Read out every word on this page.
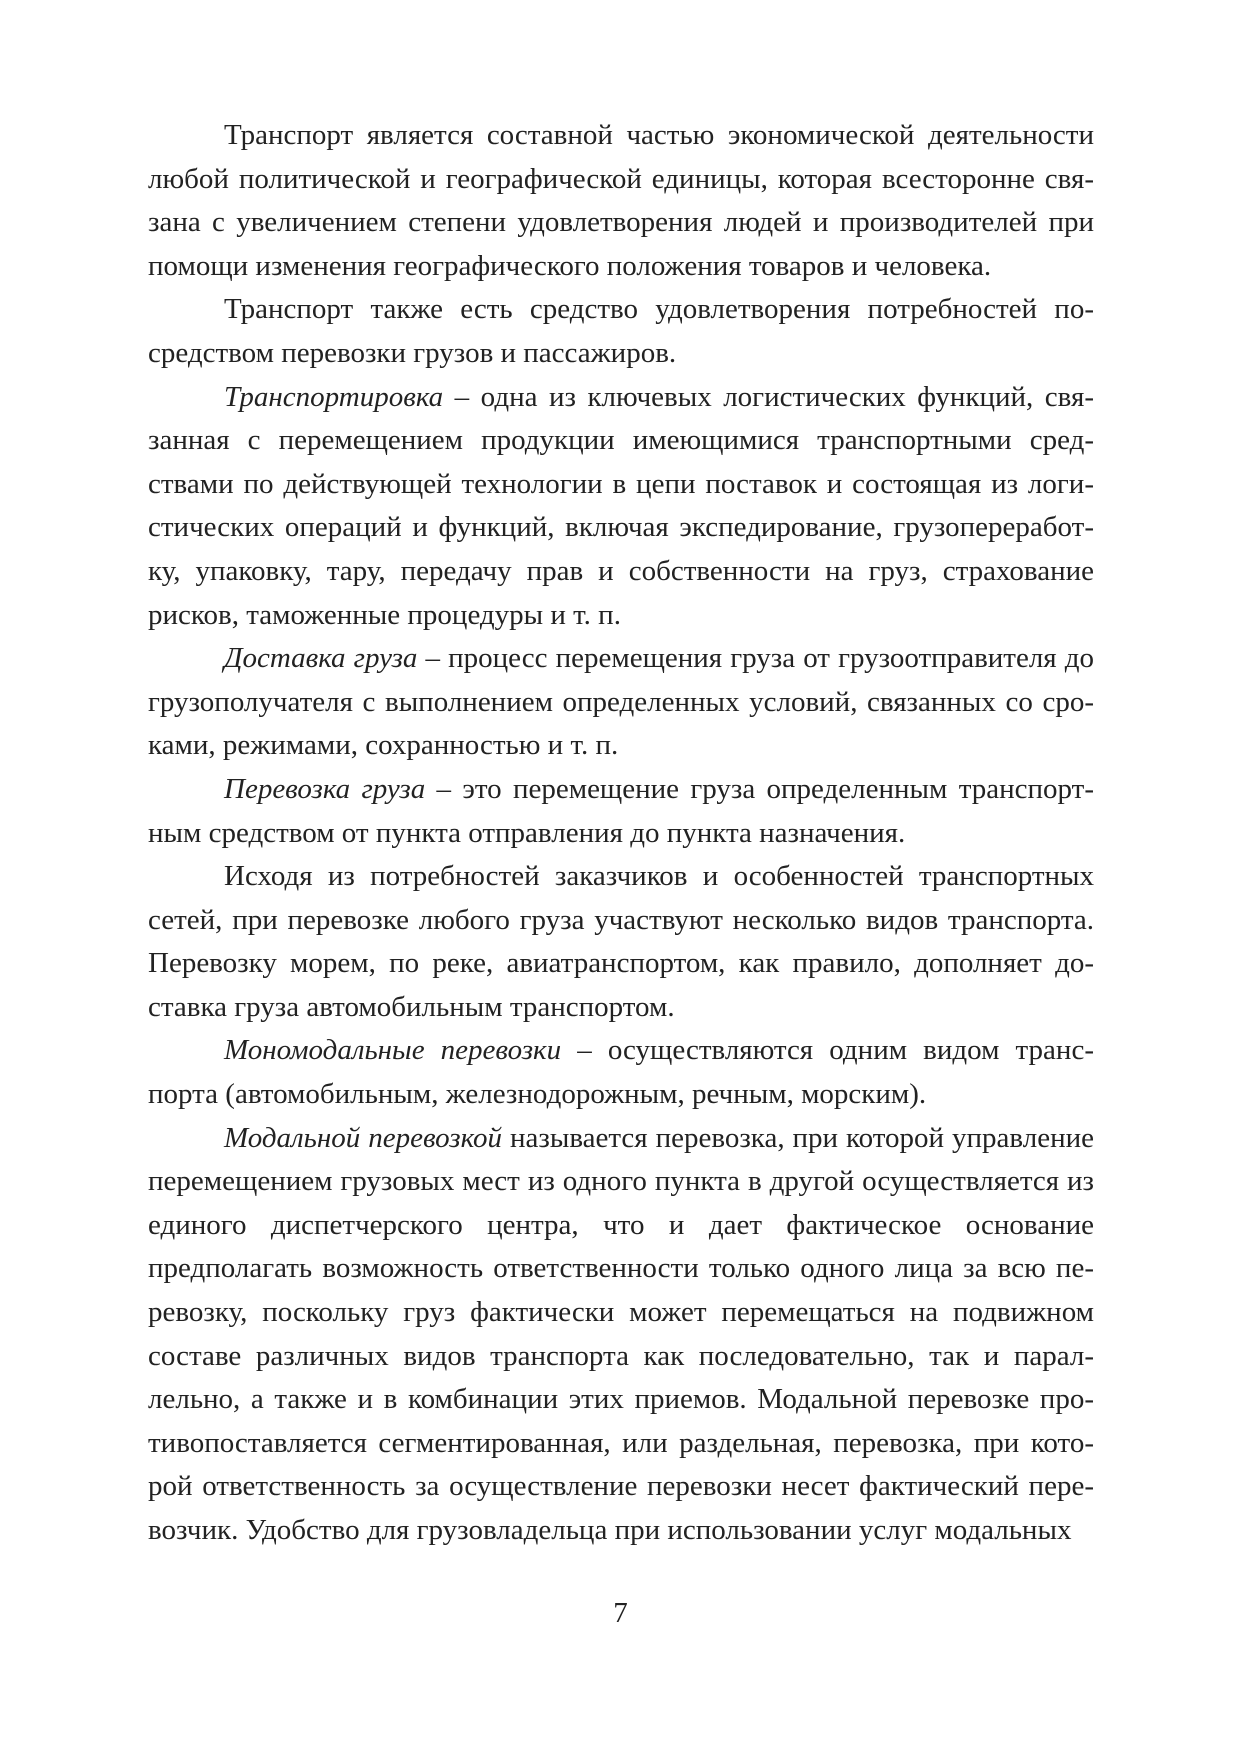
Транспорт является составной частью экономической деятельности любой политической и географической единицы, которая всесторонне связана с увеличением степени удовлетворения людей и производителей при помощи изменения географического положения товаров и человека.

Транспорт также есть средство удовлетворения потребностей посредством перевозки грузов и пассажиров.

Транспортировка – одна из ключевых логистических функций, связанная с перемещением продукции имеющимися транспортными средствами по действующей технологии в цепи поставок и состоящая из логистических операций и функций, включая экспедирование, грузопереработку, упаковку, тару, передачу прав и собственности на груз, страхование рисков, таможенные процедуры и т. п.

Доставка груза – процесс перемещения груза от грузоотправителя до грузополучателя с выполнением определенных условий, связанных со сроками, режимами, сохранностью и т. п.

Перевозка груза – это перемещение груза определенным транспортным средством от пункта отправления до пункта назначения.

Исходя из потребностей заказчиков и особенностей транспортных сетей, при перевозке любого груза участвуют несколько видов транспорта. Перевозку морем, по реке, авиатранспортом, как правило, дополняет доставка груза автомобильным транспортом.

Мономодальные перевозки – осуществляются одним видом транспорта (автомобильным, железнодорожным, речным, морским).

Модальной перевозкой называется перевозка, при которой управление перемещением грузовых мест из одного пункта в другой осуществляется из единого диспетчерского центра, что и дает фактическое основание предполагать возможность ответственности только одного лица за всю перевозку, поскольку груз фактически может перемещаться на подвижном составе различных видов транспорта как последовательно, так и параллельно, а также и в комбинации этих приемов. Модальной перевозке противопоставляется сегментированная, или раздельная, перевозка, при которой ответственность за осуществление перевозки несет фактический перевозчик. Удобство для грузовладельца при использовании услуг модальных

7
